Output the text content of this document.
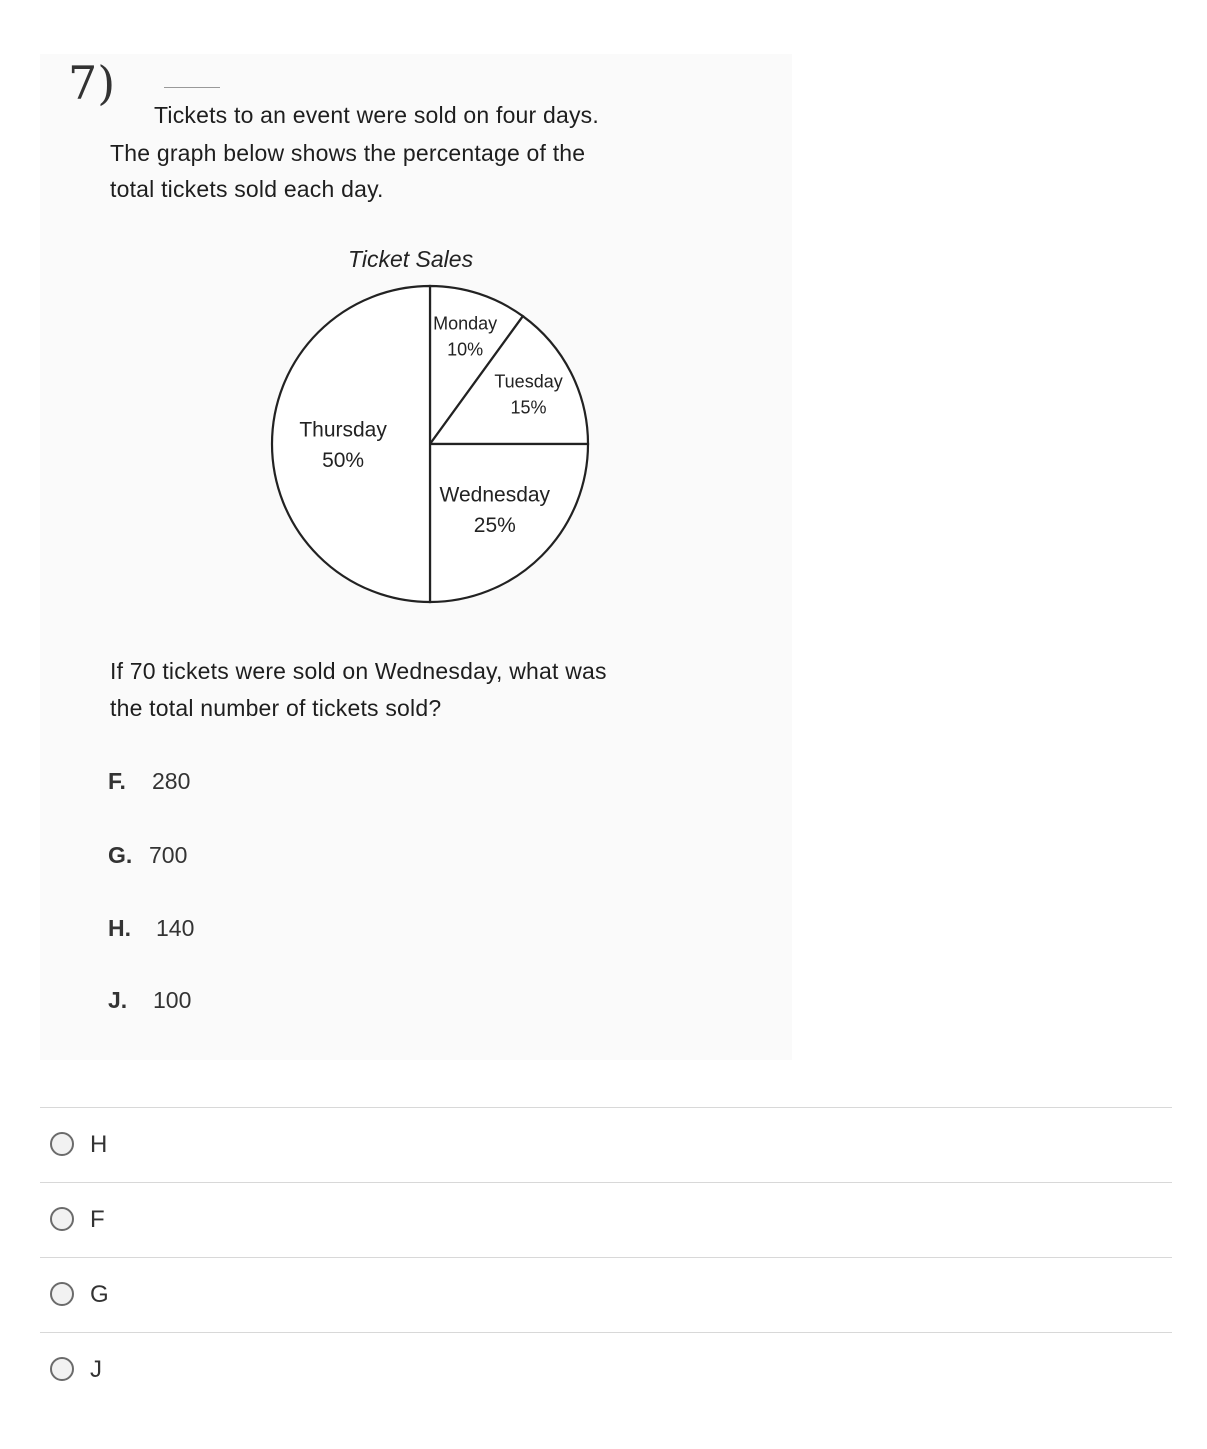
7)
Tickets to an event were sold on four days.
The graph below shows the percentage of the
total tickets sold each day.
Ticket Sales
Monday
10%
Tuesday
15%
Wednesday
25%
Thursday
50%
If 70 tickets were sold on Wednesday, what was
the total number of tickets sold?
F. 280
G. 700
H. 140
J. 100
H
F
G
J
